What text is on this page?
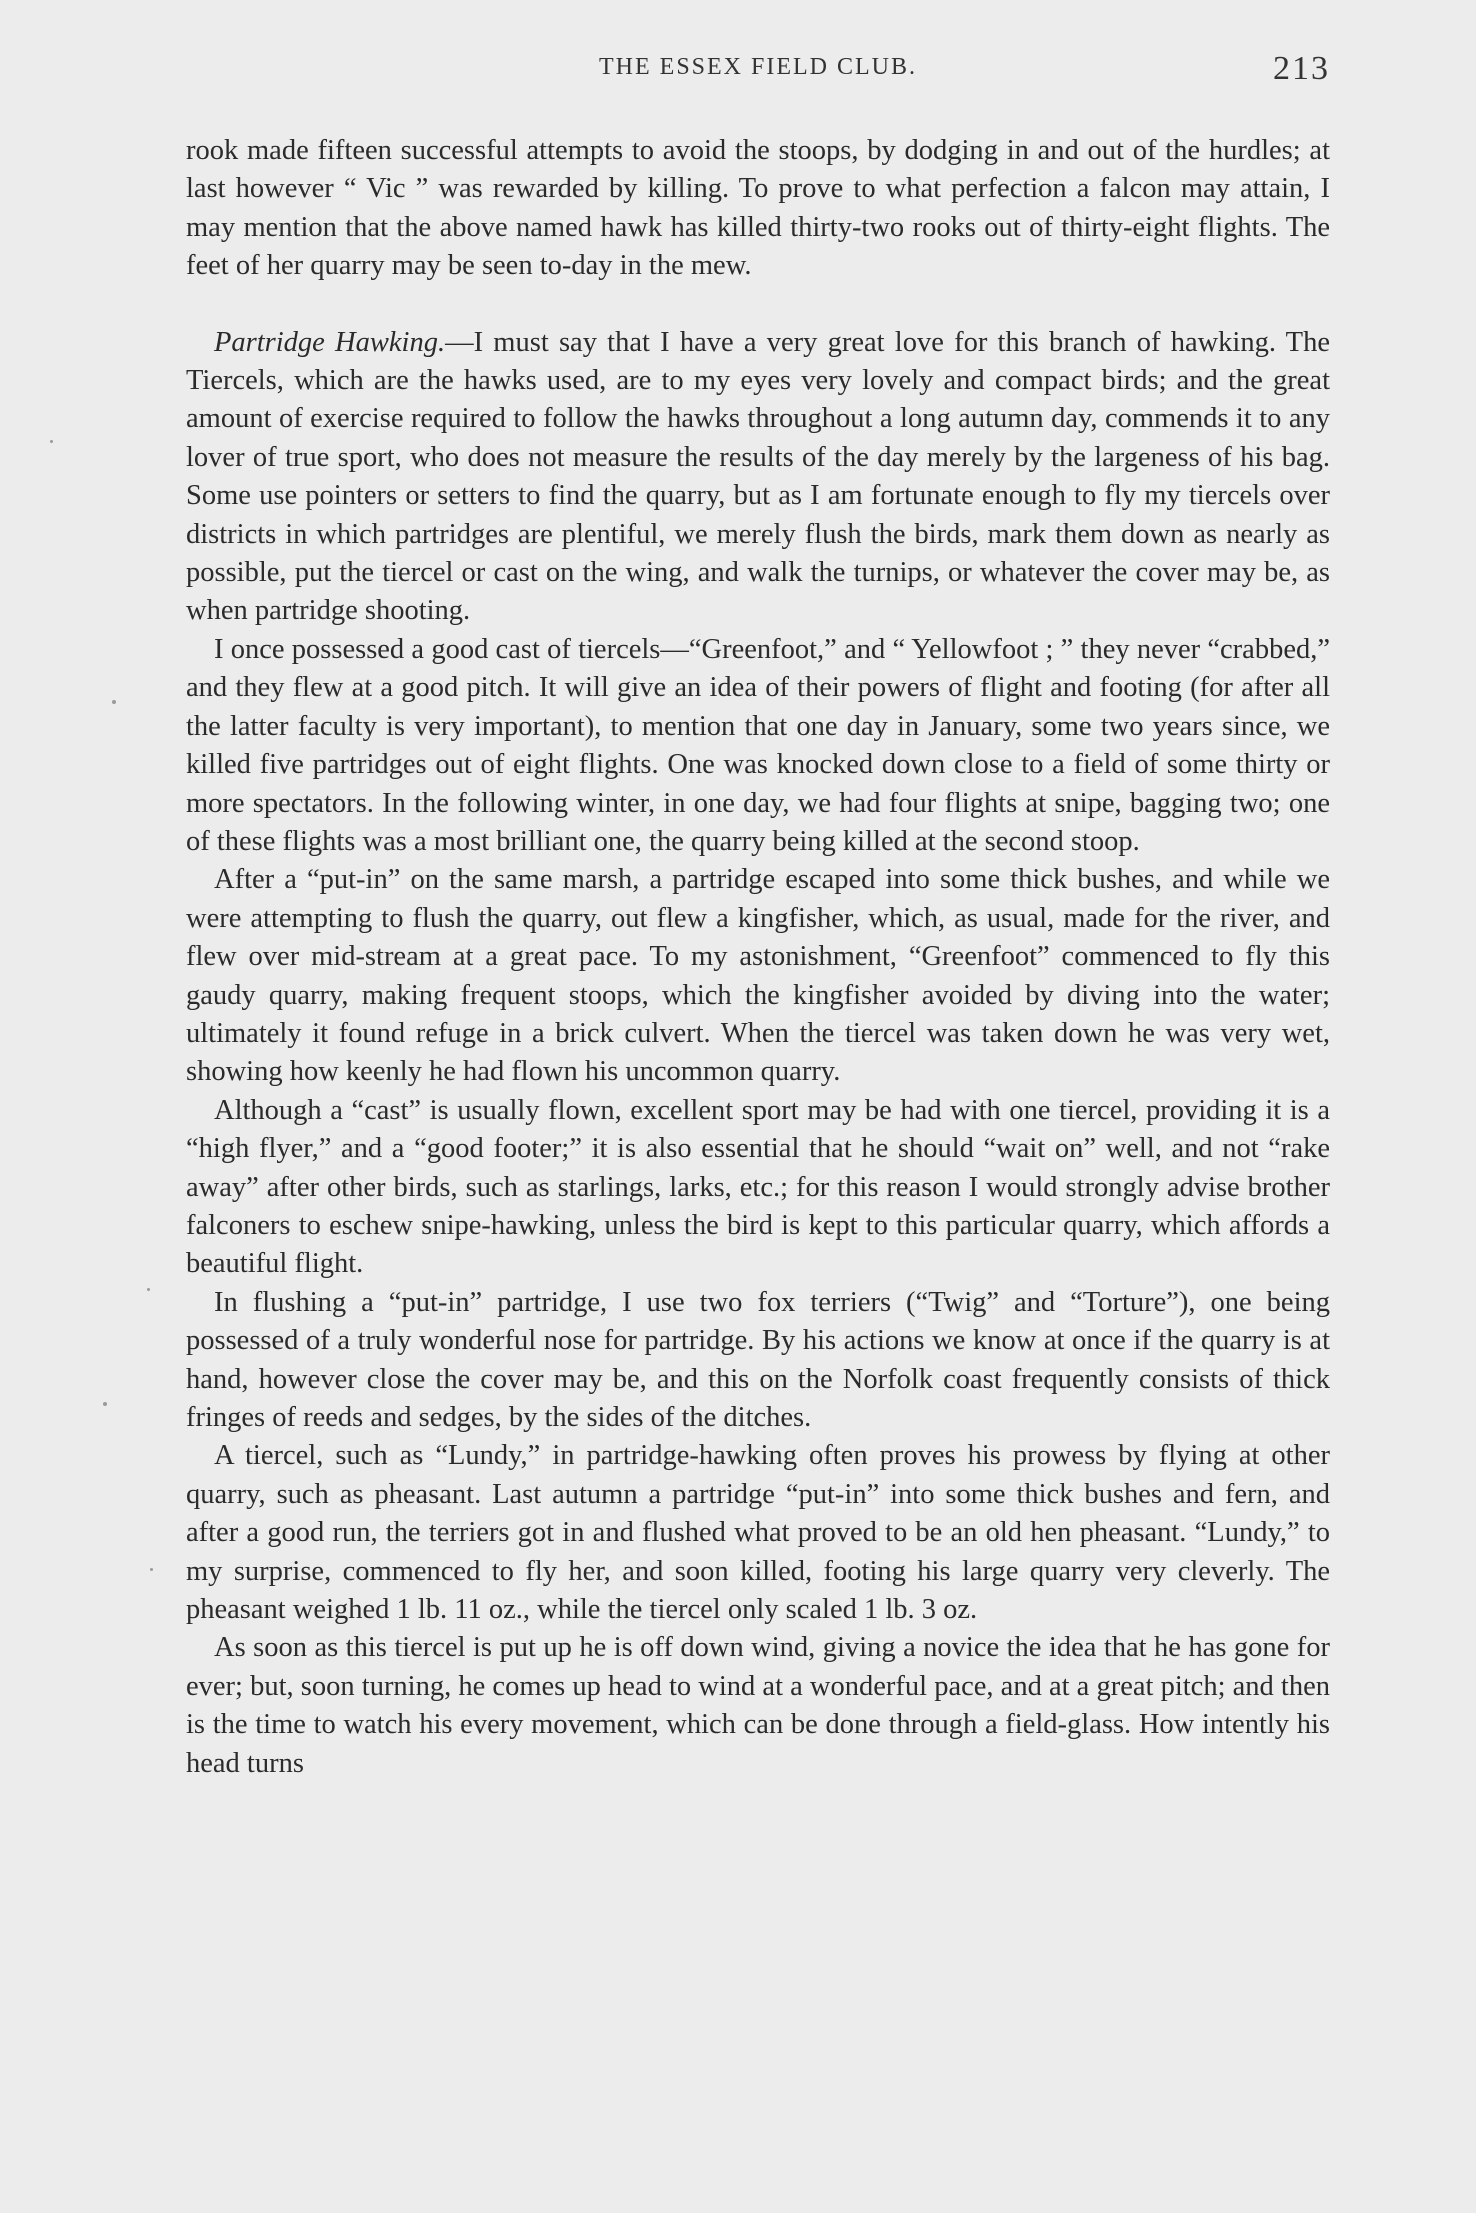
THE ESSEX FIELD CLUB.	213

rook made fifteen successful attempts to avoid the stoops, by dodging in and out of the hurdles; at last however “ Vic ” was rewarded by killing. To prove to what perfection a falcon may attain, I may mention that the above named hawk has killed thirty-two rooks out of thirty-eight flights. The feet of her quarry may be seen to-day in the mew.

Partridge Hawking.—I must say that I have a very great love for this branch of hawking. The Tiercels, which are the hawks used, are to my eyes very lovely and compact birds; and the great amount of exercise required to follow the hawks throughout a long autumn day, commends it to any lover of true sport, who does not measure the results of the day merely by the largeness of his bag. Some use pointers or setters to find the quarry, but as I am fortunate enough to fly my tiercels over districts in which partridges are plentiful, we merely flush the birds, mark them down as nearly as possible, put the tiercel or cast on the wing, and walk the turnips, or whatever the cover may be, as when partridge shooting.

I once possessed a good cast of tiercels—“Greenfoot,” and “ Yellowfoot ; ” they never “crabbed,” and they flew at a good pitch. It will give an idea of their powers of flight and footing (for after all the latter faculty is very important), to mention that one day in January, some two years since, we killed five partridges out of eight flights. One was knocked down close to a field of some thirty or more spectators. In the following winter, in one day, we had four flights at snipe, bagging two; one of these flights was a most brilliant one, the quarry being killed at the second stoop.

After a “put-in” on the same marsh, a partridge escaped into some thick bushes, and while we were attempting to flush the quarry, out flew a kingfisher, which, as usual, made for the river, and flew over mid-stream at a great pace. To my astonishment, “Greenfoot” commenced to fly this gaudy quarry, making frequent stoops, which the kingfisher avoided by diving into the water; ultimately it found refuge in a brick culvert. When the tiercel was taken down he was very wet, showing how keenly he had flown his uncommon quarry.

Although a “cast” is usually flown, excellent sport may be had with one tiercel, providing it is a “high flyer,” and a “good footer;” it is also essential that he should “wait on” well, and not “rake away” after other birds, such as starlings, larks, etc.; for this reason I would strongly advise brother falconers to eschew snipe-hawking, unless the bird is kept to this particular quarry, which affords a beautiful flight.

In flushing a “put-in” partridge, I use two fox terriers (“Twig” and “Torture”), one being possessed of a truly wonderful nose for partridge. By his actions we know at once if the quarry is at hand, however close the cover may be, and this on the Norfolk coast frequently consists of thick fringes of reeds and sedges, by the sides of the ditches.

A tiercel, such as “Lundy,” in partridge-hawking often proves his prowess by flying at other quarry, such as pheasant. Last autumn a partridge “put-in” into some thick bushes and fern, and after a good run, the terriers got in and flushed what proved to be an old hen pheasant. “Lundy,” to my surprise, commenced to fly her, and soon killed, footing his large quarry very cleverly. The pheasant weighed 1 lb. 11 oz., while the tiercel only scaled 1 lb. 3 oz.

As soon as this tiercel is put up he is off down wind, giving a novice the idea that he has gone for ever; but, soon turning, he comes up head to wind at a wonderful pace, and at a great pitch; and then is the time to watch his every movement, which can be done through a field-glass. How intently his head turns
